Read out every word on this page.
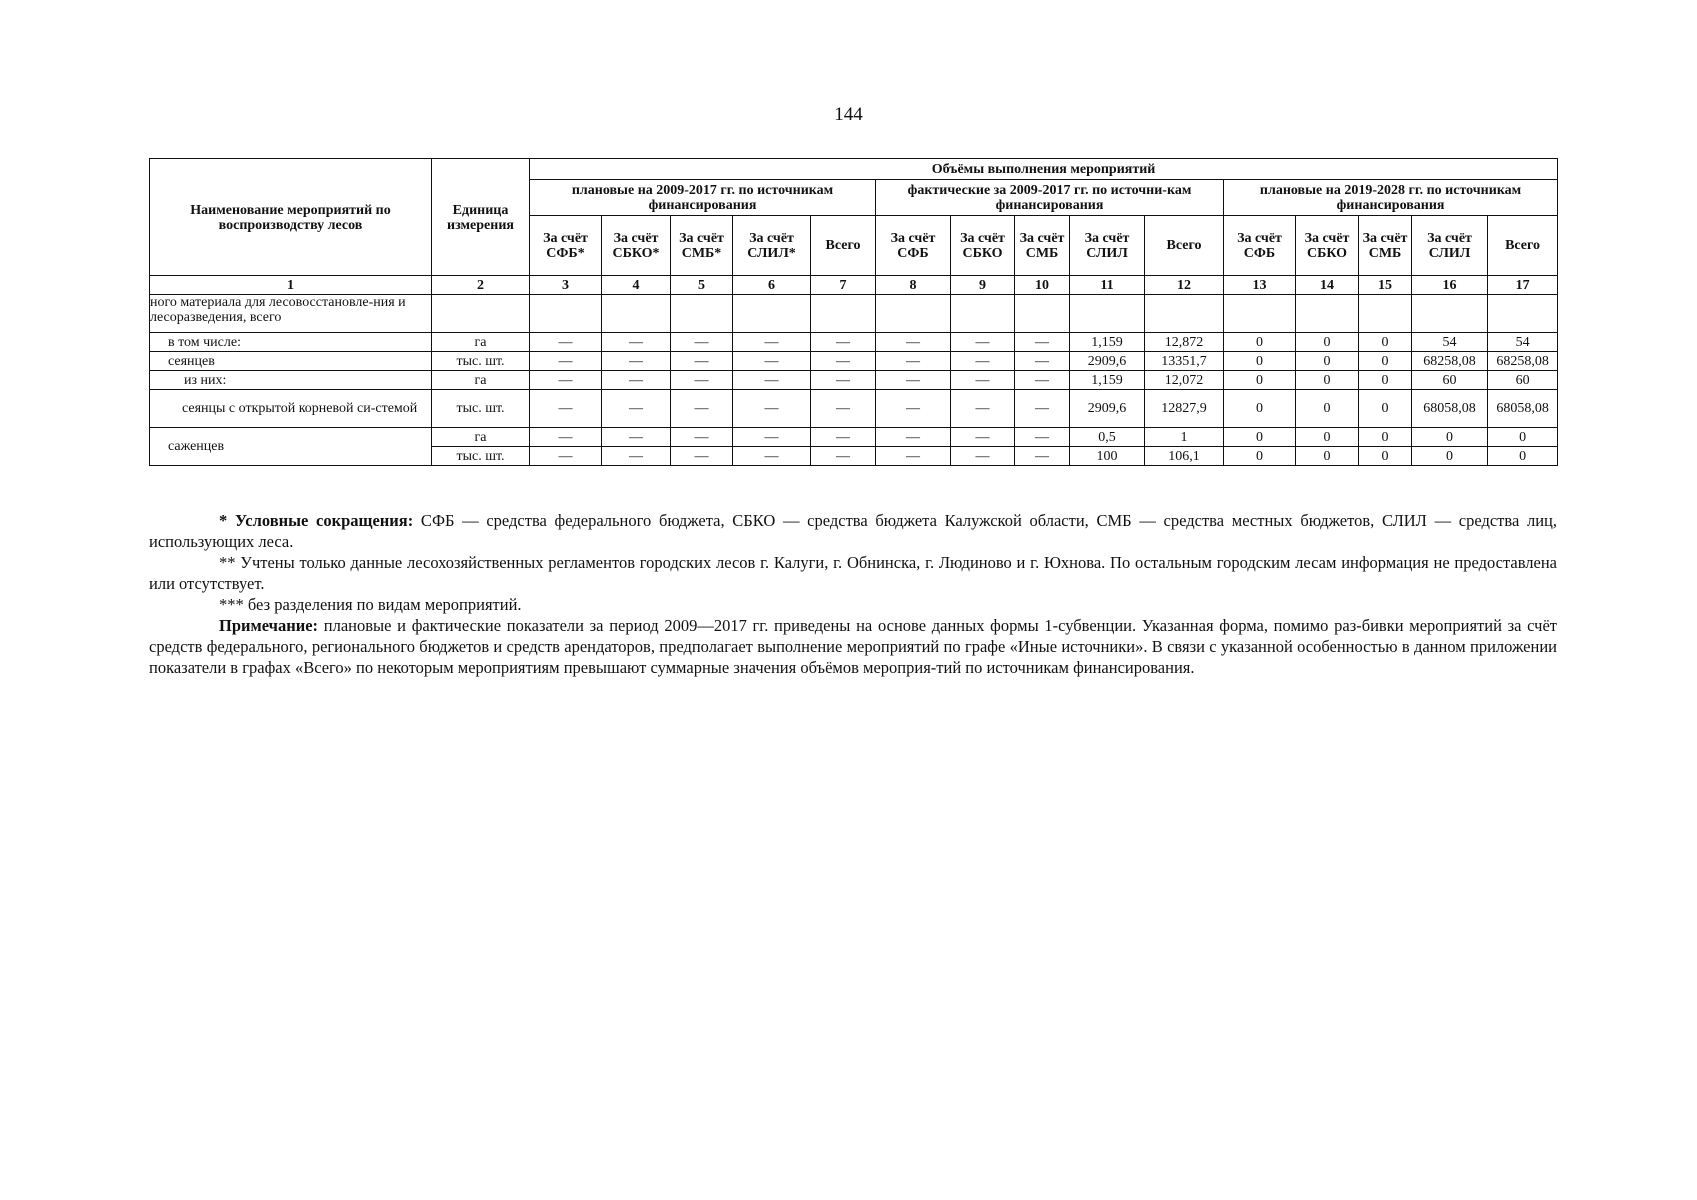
144
Наименование мероприятий по воспроизводству лесов	Единица измерения	Объёмы выполнения мероприятий														
		плановые на 2009-2017 гг. по источникам финансирования					фактические за 2009-2017 гг. по источни-кам финансирования					плановые на 2019-2028 гг. по источникам финансирования				
		За счёт СФБ*	За счёт СБКО*	За счёт СМБ*	За счёт СЛИЛ*	Всего	За счёт СФБ	За счёт СБКО	За счёт СМБ	За счёт СЛИЛ	Всего	За счёт СФБ	За счёт СБКО	За счёт СМБ	За счёт СЛИЛ	Всего
1	2	3	4	5	6	7	8	9	10	11	12	13	14	15	16	17
ного материала для лесовосстановле-ния и лесоразведения, всего																
в том числе:	га	—	—	—	—	—	—	—	—	1,159	12,872	0	0	0	54	54
сеянцев	тыс. шт.	—	—	—	—	—	—	—	—	2909,6	13351,7	0	0	0	68258,08	68258,08
из них:	га	—	—	—	—	—	—	—	—	1,159	12,072	0	0	0	60	60
сеянцы с открытой корневой си-стемой	тыс. шт.	—	—	—	—	—	—	—	—	2909,6	12827,9	0	0	0	68058,08	68058,08
саженцев	га	—	—	—	—	—	—	—	—	0,5	1	0	0	0	0	0
	тыс. шт.	—	—	—	—	—	—	—	—	100	106,1	0	0	0	0	0

* Условные сокращения: СФБ — средства федерального бюджета, СБКО — средства бюджета Калужской области, СМБ — средства местных бюджетов, СЛИЛ — средства лиц, использующих леса.

** Учтены только данные лесохозяйственных регламентов городских лесов г. Калуги, г. Обнинска, г. Людиново и г. Юхнова. По остальным городским лесам информация не предоставлена или отсутствует.

*** без разделения по видам мероприятий.

Примечание: плановые и фактические показатели за период 2009—2017 гг. приведены на основе данных формы 1-субвенции. Указанная форма, помимо раз-бивки мероприятий за счёт средств федерального, регионального бюджетов и средств арендаторов, предполагает выполнение мероприятий по графе «Иные источники». В связи с указанной особенностью в данном приложении показатели в графах «Всего» по некоторым мероприятиям превышают суммарные значения объёмов мероприя-тий по источникам финансирования.
